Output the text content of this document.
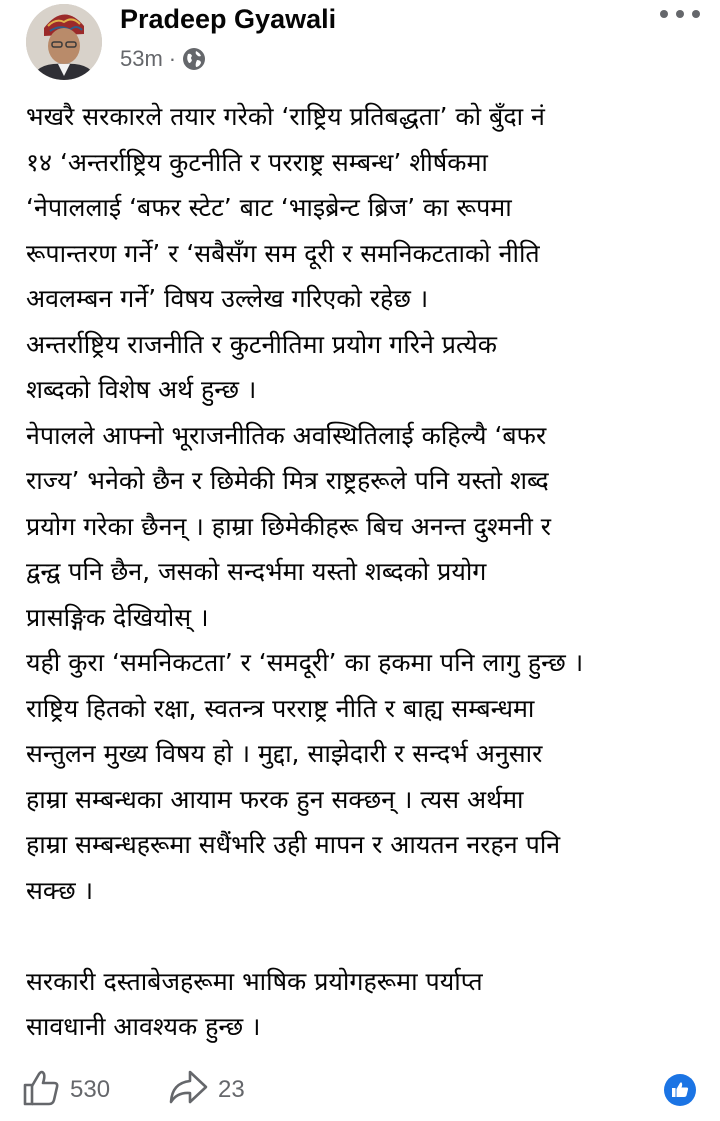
Pradeep Gyawali
53m ·

भखरै सरकारले तयार गरेको ‘राष्ट्रिय प्रतिबद्धता’ को बुँदा नं

१४ ‘अन्तर्राष्ट्रिय कुटनीति र परराष्ट्र सम्बन्ध’ शीर्षकमा

‘नेपाललाई ‘बफर स्टेट’ बाट ‘भाइब्रेन्ट ब्रिज’ का रूपमा

रूपान्तरण गर्ने’ र ‘सबैसँग सम दूरी र समनिकटताको नीति

अवलम्बन गर्ने’ विषय उल्लेख गरिएको रहेछ ।

अन्तर्राष्ट्रिय राजनीति र कुटनीतिमा प्रयोग गरिने प्रत्येक

शब्दको विशेष अर्थ हुन्छ ।

नेपालले आफ्नो भूराजनीतिक अवस्थितिलाई कहिल्यै ‘बफर

राज्य’ भनेको छैन र छिमेकी मित्र राष्ट्रहरूले पनि यस्तो शब्द

प्रयोग गरेका छैनन् । हाम्रा छिमेकीहरू बिच अनन्त दुश्मनी र

द्वन्द्व पनि छैन, जसको सन्दर्भमा यस्तो शब्दको प्रयोग

प्रासङ्गिक देखियोस् ।

यही कुरा ‘समनिकटता’ र ‘समदूरी’ का हकमा पनि लागु हुन्छ ।

राष्ट्रिय हितको रक्षा, स्वतन्त्र परराष्ट्र नीति र बाह्य सम्बन्धमा

सन्तुलन मुख्य विषय हो । मुद्दा, साझेदारी र सन्दर्भ अनुसार

हाम्रा सम्बन्धका आयाम फरक हुन सक्छन् । त्यस अर्थमा

हाम्रा सम्बन्धहरूमा सधैंभरि उही मापन र आयतन नरहन पनि

सक्छ ।

सरकारी दस्ताबेजहरूमा भाषिक प्रयोगहरूमा पर्याप्त

सावधानी आवश्यक हुन्छ ।

530	23
